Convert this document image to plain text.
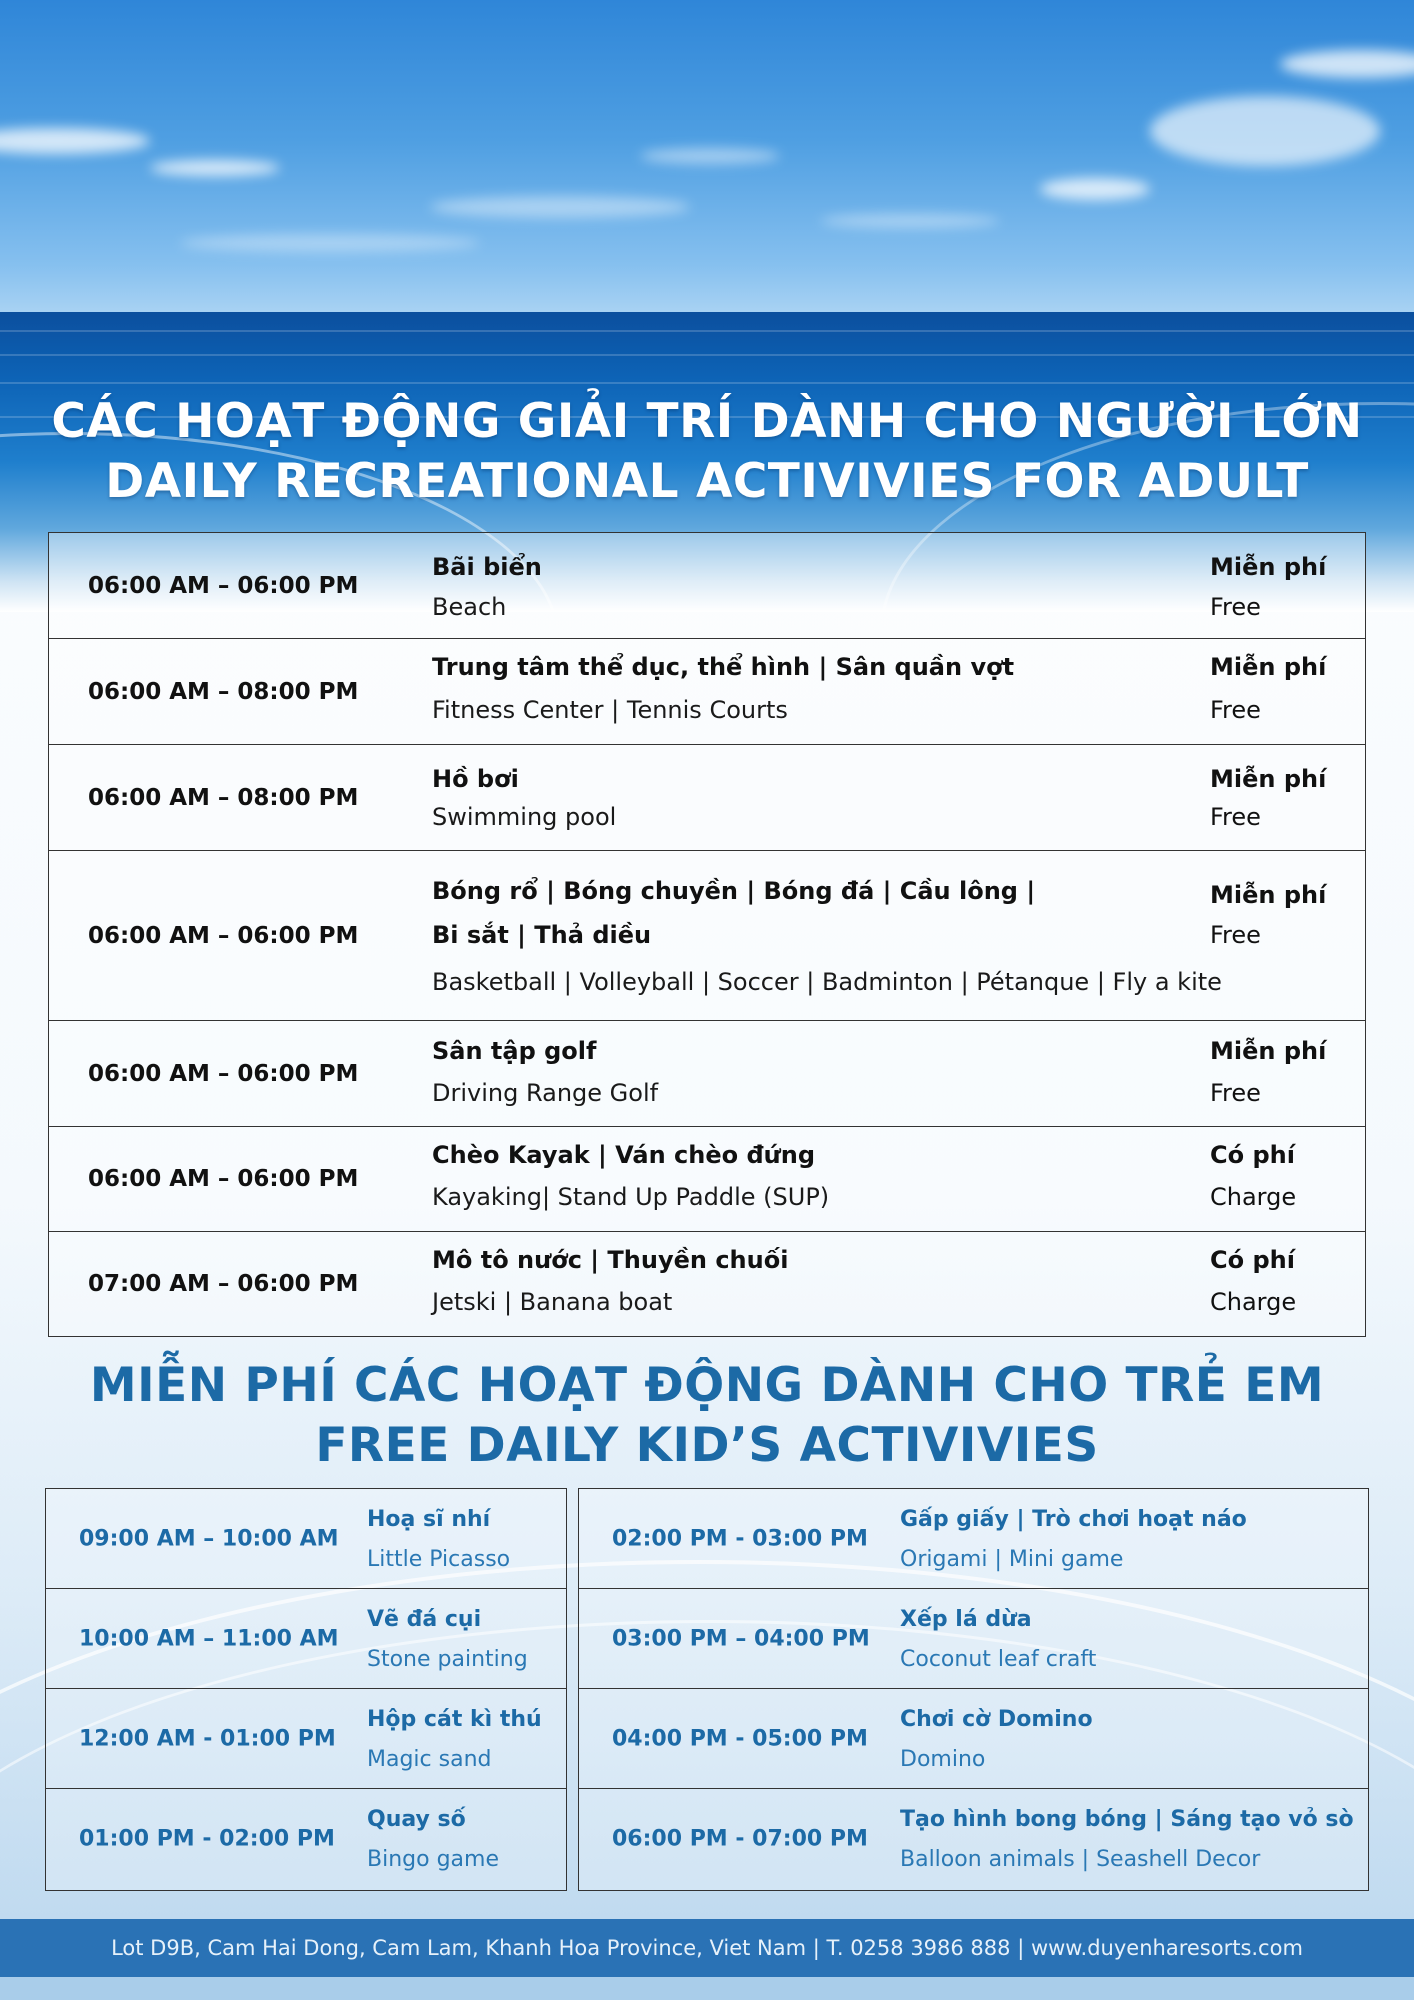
CÁC HOẠT ĐỘNG GIẢI TRÍ DÀNH CHO NGƯỜI LỚN
DAILY RECREATIONAL ACTIVIVIES FOR ADULT
06:00 AM – 06:00 PM
Bãi biển
Beach
Miễn phí
Free
06:00 AM – 08:00 PM
Trung tâm thể dục, thể hình | Sân quần vợt
Fitness Center | Tennis Courts
Miễn phí
Free
06:00 AM – 08:00 PM
Hồ bơi
Swimming pool
Miễn phí
Free
06:00 AM – 06:00 PM
Bóng rổ | Bóng chuyền | Bóng đá | Cầu lông |
Bi sắt | Thả diều
Basketball | Volleyball | Soccer | Badminton | Pétanque | Fly a kite
Miễn phí
Free
06:00 AM – 06:00 PM
Sân tập golf
Driving Range Golf
Miễn phí
Free
06:00 AM – 06:00 PM
Chèo Kayak | Ván chèo đứng
Kayaking| Stand Up Paddle (SUP)
Có phí
Charge
07:00 AM – 06:00 PM
Mô tô nước | Thuyền chuối
Jetski | Banana boat
Có phí
Charge
MIỄN PHÍ CÁC HOẠT ĐỘNG DÀNH CHO TRẺ EM
FREE DAILY KID’S ACTIVIVIES
09:00 AM – 10:00 AM
Hoạ sĩ nhí
Little Picasso
10:00 AM – 11:00 AM
Vẽ đá cụi
Stone painting
12:00 AM - 01:00 PM
Hộp cát kì thú
Magic sand
01:00 PM - 02:00 PM
Quay số
Bingo game
02:00 PM - 03:00 PM
Gấp giấy | Trò chơi hoạt náo
Origami | Mini game
03:00 PM – 04:00 PM
Xếp lá dừa
Coconut leaf craft
04:00 PM - 05:00 PM
Chơi cờ Domino
Domino
06:00 PM - 07:00 PM
Tạo hình bong bóng | Sáng tạo vỏ sò
Balloon animals | Seashell Decor
Lot D9B, Cam Hai Dong, Cam Lam, Khanh Hoa Province, Viet Nam | T. 0258 3986 888 | www.duyenharesorts.com
